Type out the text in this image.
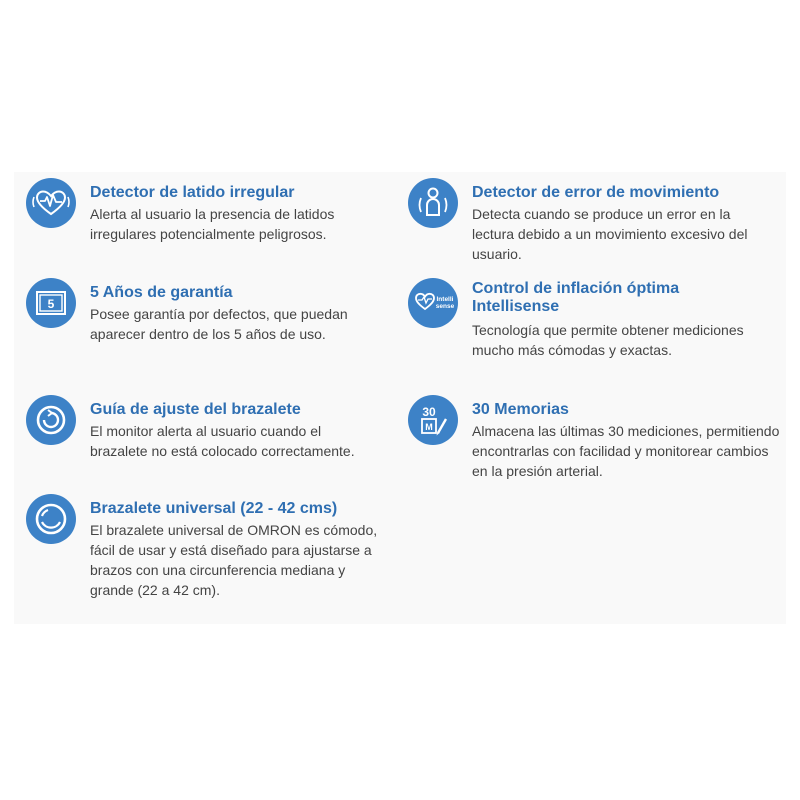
Detector de latido irregular

Alerta al usuario la presencia de latidos irregulares potencialmente peligrosos.

5

5 Años de garantía

Posee garantía por defectos, que puedan aparecer dentro de los 5 años de uso.

Guía de ajuste del brazalete

El monitor alerta al usuario cuando el brazalete no está colocado correctamente.

Brazalete universal (22 - 42 cms)

El brazalete universal de OMRON es cómodo, fácil de usar y está diseñado para ajustarse a brazos con una circunferencia mediana y grande (22 a 42 cm).

Detector de error de movimiento

Detecta cuando se produce un error en la lectura debido a un movimiento excesivo del usuario.

Intelli
sense

Control de inflación óptima Intellisense

Tecnología que permite obtener mediciones mucho más cómodas y exactas.

30
M

30 Memorias

Almacena las últimas 30 mediciones, permitiendo encontrarlas con facilidad y monitorear cambios en la presión arterial.
